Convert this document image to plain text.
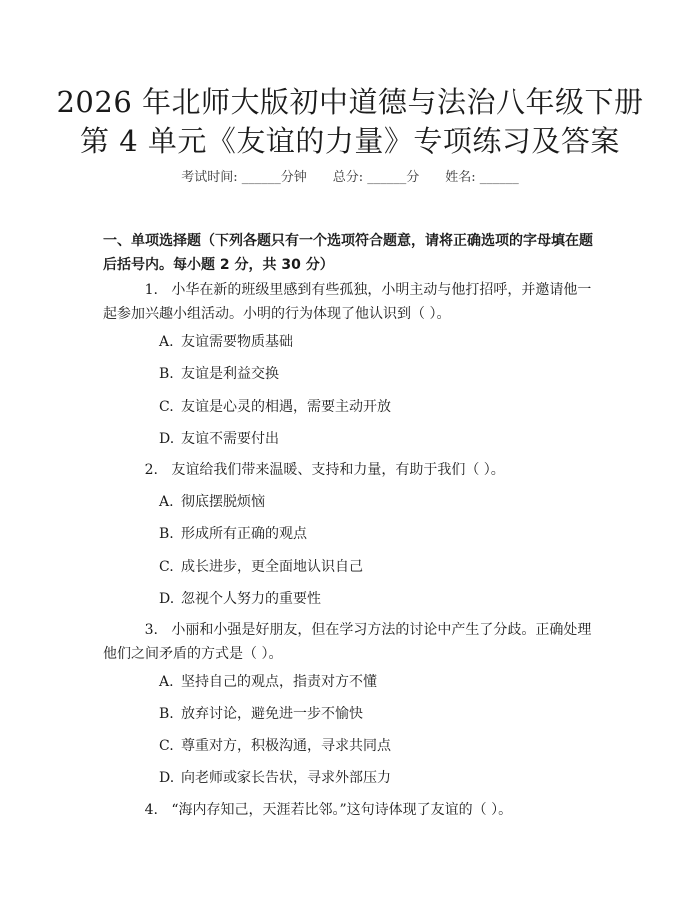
2026 年北师大版初中道德与法治八年级下册
第 4 单元《友谊的力量》专项练习及答案
考试时间: ______分钟 总分: ______分 姓名: ______
一、单项选择题（下列各题只有一个选项符合题意，请将正确选项的字母填在题后括号内。每小题 2 分，共 30 分）
1. 小华在新的班级里感到有些孤独，小明主动与他打招呼，并邀请他一起参加兴趣小组活动。小明的行为体现了他认识到（ ）。
A. 友谊需要物质基础
B. 友谊是利益交换
C. 友谊是心灵的相遇，需要主动开放
D. 友谊不需要付出
2. 友谊给我们带来温暖、支持和力量，有助于我们（ ）。
A. 彻底摆脱烦恼
B. 形成所有正确的观点
C. 成长进步，更全面地认识自己
D. 忽视个人努力的重要性
3. 小丽和小强是好朋友，但在学习方法的讨论中产生了分歧。正确处理他们之间矛盾的方式是（ ）。
A. 坚持自己的观点，指责对方不懂
B. 放弃讨论，避免进一步不愉快
C. 尊重对方，积极沟通，寻求共同点
D. 向老师或家长告状，寻求外部压力
4. “海内存知己，天涯若比邻。”这句诗体现了友谊的（ ）。
